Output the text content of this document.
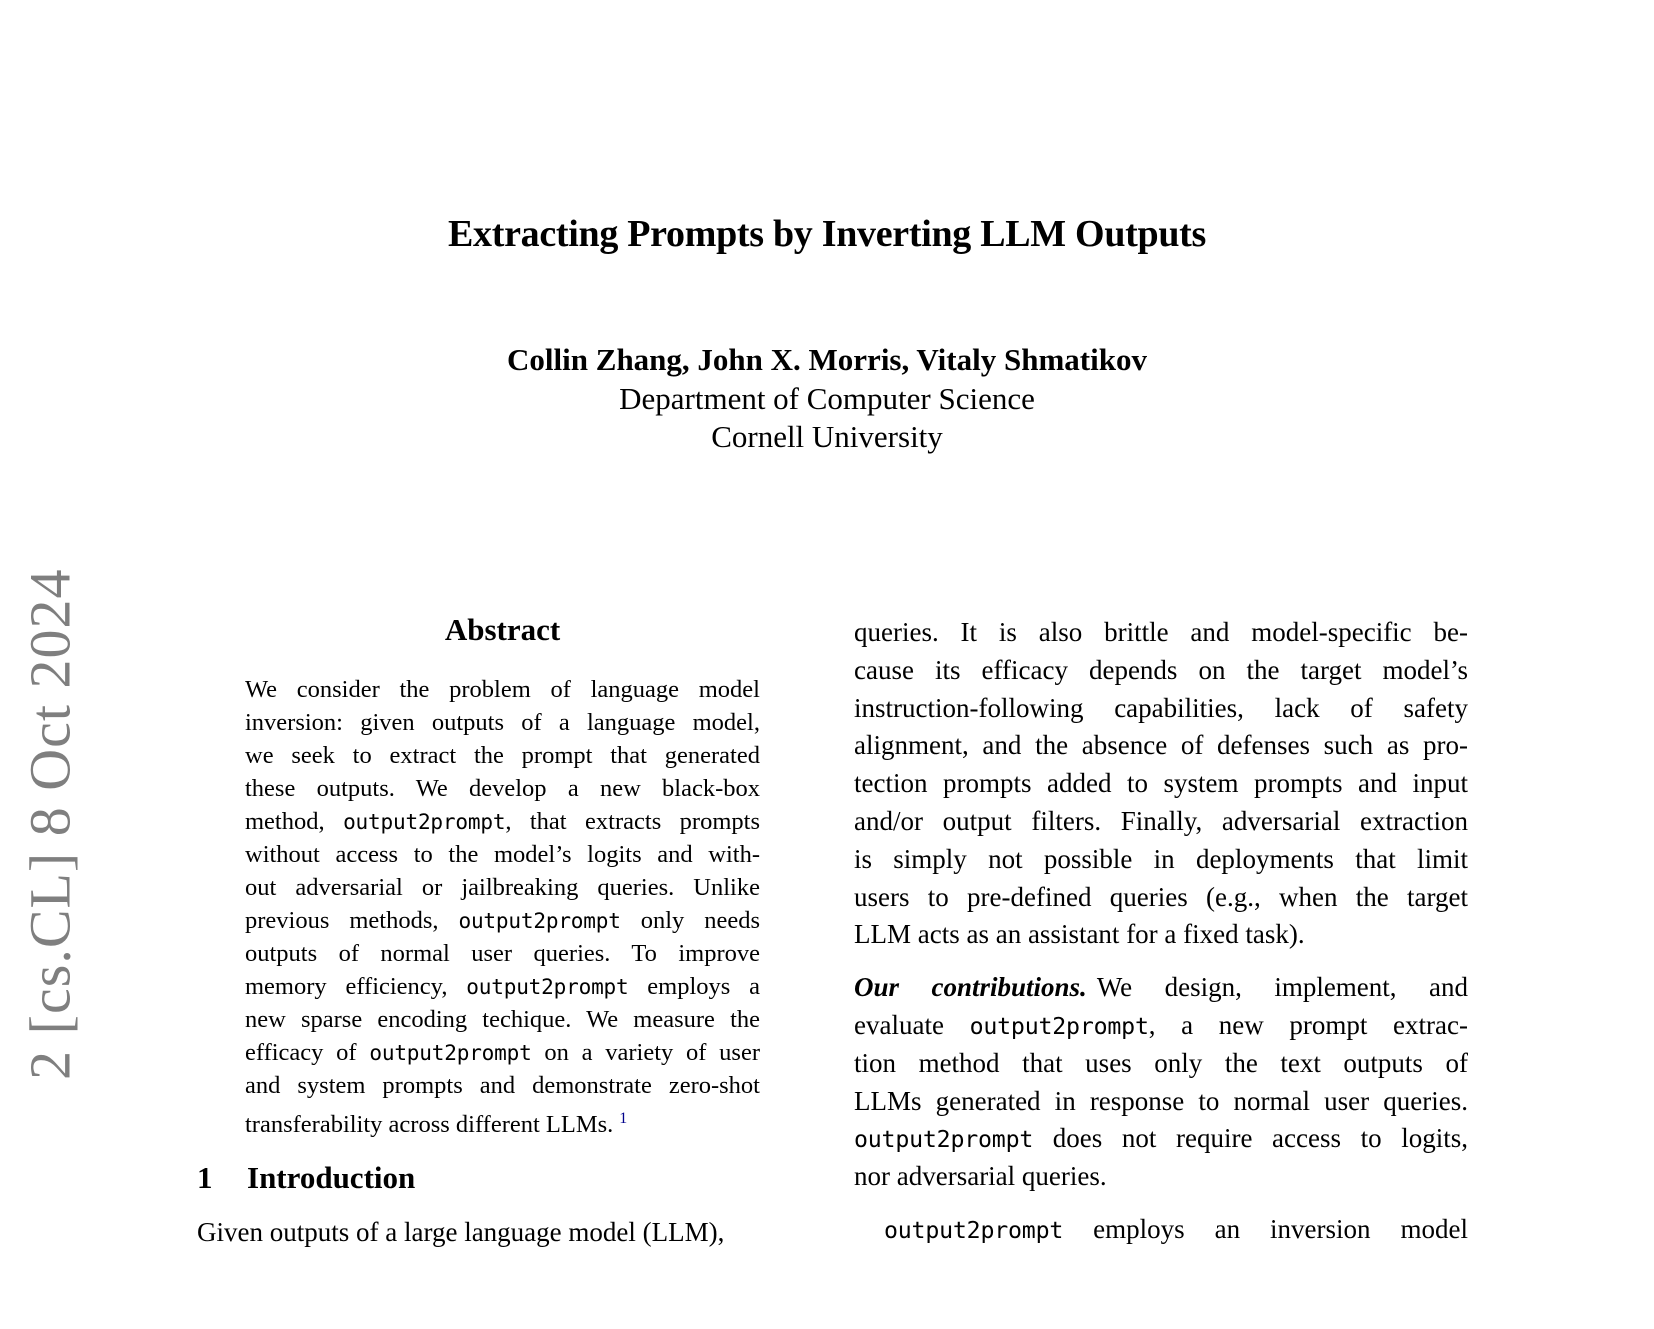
2 [cs.CL] 8 Oct 2024
Extracting Prompts by Inverting LLM Outputs
Collin Zhang, John X. Morris, Vitaly Shmatikov
Department of Computer Science
Cornell University
Abstract
We consider the problem of language model
inversion: given outputs of a language model,
we seek to extract the prompt that generated
these outputs. We develop a new black-box
method, output2prompt, that extracts prompts
without access to the model’s logits and with-
out adversarial or jailbreaking queries. Unlike
previous methods, output2prompt only needs
outputs of normal user queries. To improve
memory efficiency, output2prompt employs a
new sparse encoding techique. We measure the
efficacy of output2prompt on a variety of user
and system prompts and demonstrate zero-shot
transferability across different LLMs. $^1$
1 Introduction
Given outputs of a large language model (LLM),
queries. It is also brittle and model-specific be-
cause its efficacy depends on the target model’s
instruction-following capabilities, lack of safety
alignment, and the absence of defenses such as pro-
tection prompts added to system prompts and input
and/or output filters. Finally, adversarial extraction
is simply not possible in deployments that limit
users to pre-defined queries (e.g., when the target
LLM acts as an assistant for a fixed task).
Our contributions. We design, implement, and
evaluate output2prompt, a new prompt extrac-
tion method that uses only the text outputs of
LLMs generated in response to normal user queries.
output2prompt does not require access to logits,
nor adversarial queries.
output2prompt employs an inversion model
